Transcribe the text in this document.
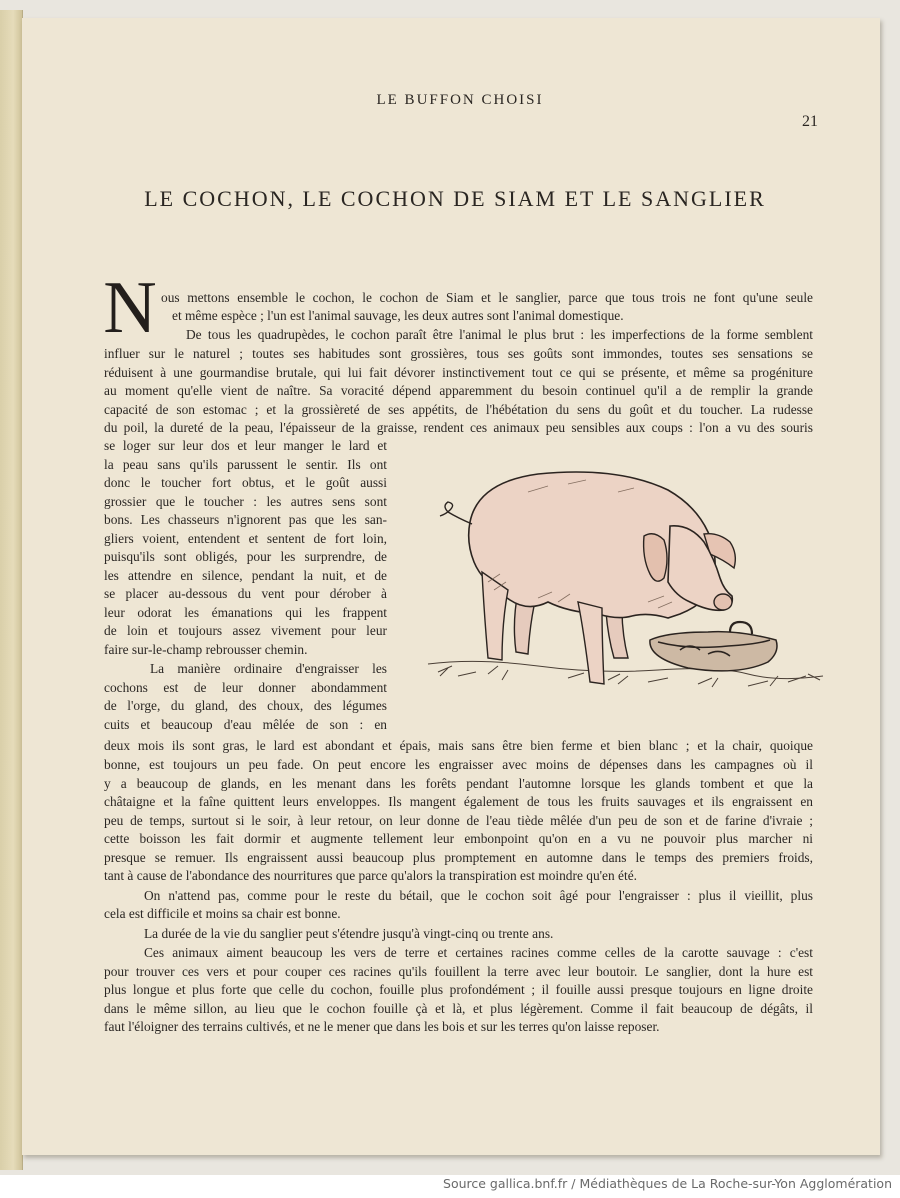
LE BUFFON CHOISI
21
LE COCHON, LE COCHON DE SIAM ET LE SANGLIER
N ous mettons ensemble le cochon, le cochon de Siam et le sanglier, parce que tous trois ne font qu'une seule

et même espèce ; l'un est l'animal sauvage, les deux autres sont l'animal domestique.

De tous les quadrupèdes, le cochon paraît être l'animal le plus brut : les imperfections de la forme semblent

influer sur le naturel ; toutes ses habitudes sont grossières, tous ses goûts sont immondes, toutes ses sensations se

réduisent à une gourmandise brutale, qui lui fait dévorer instinctivement tout ce qui se présente, et même sa progéniture

au moment qu'elle vient de naître. Sa voracité dépend apparemment du besoin continuel qu'il a de remplir la grande

capacité de son estomac ; et la grossièreté de ses appétits, de l'hébétation du sens du goût et du toucher. La rudesse

du poil, la dureté de la peau, l'épaisseur de la graisse, rendent ces animaux peu sensibles aux coups : l'on a vu des souris

se loger sur leur dos et leur manger le lard et

la peau sans qu'ils parussent le sentir. Ils ont

donc le toucher fort obtus, et le goût aussi

grossier que le toucher : les autres sens sont

bons. Les chasseurs n'ignorent pas que les san-

gliers voient, entendent et sentent de fort loin,

puisqu'ils sont obligés, pour les surprendre, de

les attendre en silence, pendant la nuit, et de

se placer au-dessous du vent pour dérober à

leur odorat les émanations qui les frappent

de loin et toujours assez vivement pour leur

faire sur-le-champ rebrousser chemin.

La manière ordinaire d'engraisser les

cochons est de leur donner abondamment

de l'orge, du gland, des choux, des légumes

cuits et beaucoup d'eau mêlée de son : en

deux mois ils sont gras, le lard est abondant et épais, mais sans être bien ferme et bien blanc ; et la chair, quoique

bonne, est toujours un peu fade. On peut encore les engraisser avec moins de dépenses dans les campagnes où il

y a beaucoup de glands, en les menant dans les forêts pendant l'automne lorsque les glands tombent et que la

châtaigne et la faîne quittent leurs enveloppes. Ils mangent également de tous les fruits sauvages et ils engraissent en

peu de temps, surtout si le soir, à leur retour, on leur donne de l'eau tiède mêlée d'un peu de son et de farine d'ivraie ;

cette boisson les fait dormir et augmente tellement leur embonpoint qu'on en a vu ne pouvoir plus marcher ni

presque se remuer. Ils engraissent aussi beaucoup plus promptement en automne dans le temps des premiers froids,

tant à cause de l'abondance des nourritures que parce qu'alors la transpiration est moindre qu'en été.

On n'attend pas, comme pour le reste du bétail, que le cochon soit âgé pour l'engraisser : plus il vieillit, plus

cela est difficile et moins sa chair est bonne.

La durée de la vie du sanglier peut s'étendre jusqu'à vingt-cinq ou trente ans.

Ces animaux aiment beaucoup les vers de terre et certaines racines comme celles de la carotte sauvage : c'est

pour trouver ces vers et pour couper ces racines qu'ils fouillent la terre avec leur boutoir. Le sanglier, dont la hure est

plus longue et plus forte que celle du cochon, fouille plus profondément ; il fouille aussi presque toujours en ligne droite

dans le même sillon, au lieu que le cochon fouille çà et là, et plus légèrement. Comme il fait beaucoup de dégâts, il

faut l'éloigner des terrains cultivés, et ne le mener que dans les bois et sur les terres qu'on laisse reposer.

Source gallica.bnf.fr / Médiathèques de La Roche-sur-Yon Agglomération
